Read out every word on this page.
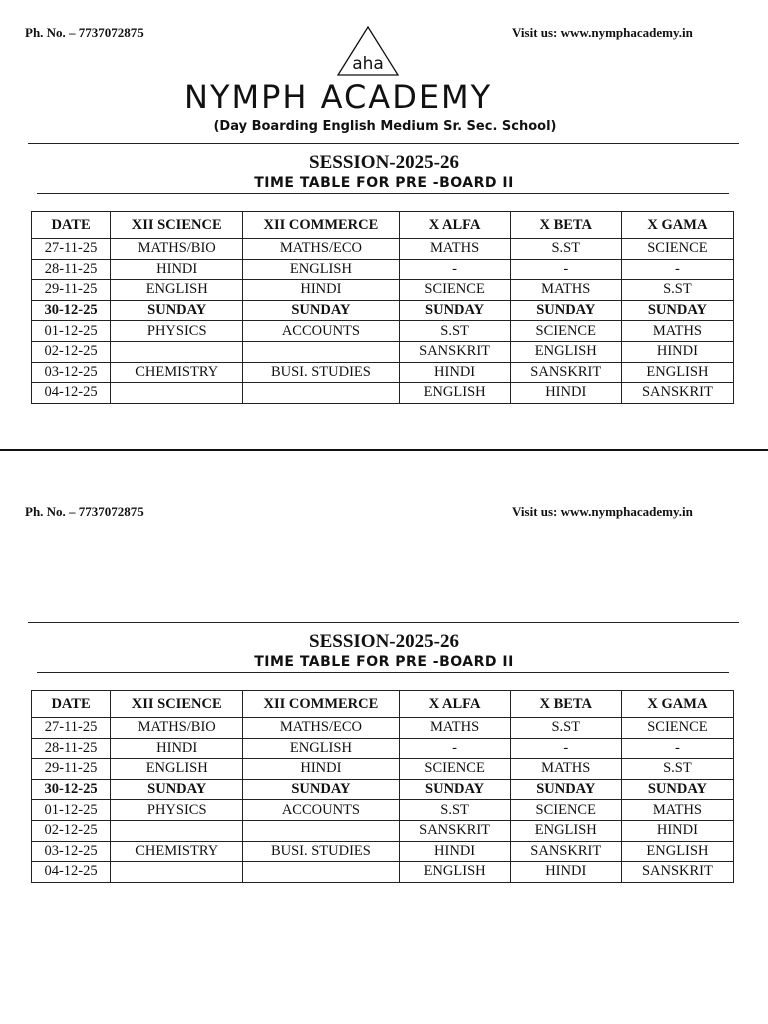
Ph. No. – 7737072875	Visit us: www.nymphacademy.in
aha
NYMPH ACADEMY
(Day Boarding English Medium Sr. Sec. School)
SESSION-2025-26
TIME TABLE FOR PRE -BOARD II
DATE	XII SCIENCE	XII COMMERCE	X ALFA	X BETA	X GAMA
27-11-25	MATHS/BIO	MATHS/ECO	MATHS	S.ST	SCIENCE
28-11-25	HINDI	ENGLISH	-	-	-
29-11-25	ENGLISH	HINDI	SCIENCE	MATHS	S.ST
30-12-25	SUNDAY	SUNDAY	SUNDAY	SUNDAY	SUNDAY
01-12-25	PHYSICS	ACCOUNTS	S.ST	SCIENCE	MATHS
02-12-25			SANSKRIT	ENGLISH	HINDI
03-12-25	CHEMISTRY	BUSI. STUDIES	HINDI	SANSKRIT	ENGLISH
04-12-25			ENGLISH	HINDI	SANSKRIT
Ph. No. – 7737072875	Visit us: www.nymphacademy.in
SESSION-2025-26
TIME TABLE FOR PRE -BOARD II
DATE	XII SCIENCE	XII COMMERCE	X ALFA	X BETA	X GAMA
27-11-25	MATHS/BIO	MATHS/ECO	MATHS	S.ST	SCIENCE
28-11-25	HINDI	ENGLISH	-	-	-
29-11-25	ENGLISH	HINDI	SCIENCE	MATHS	S.ST
30-12-25	SUNDAY	SUNDAY	SUNDAY	SUNDAY	SUNDAY
01-12-25	PHYSICS	ACCOUNTS	S.ST	SCIENCE	MATHS
02-12-25			SANSKRIT	ENGLISH	HINDI
03-12-25	CHEMISTRY	BUSI. STUDIES	HINDI	SANSKRIT	ENGLISH
04-12-25			ENGLISH	HINDI	SANSKRIT
